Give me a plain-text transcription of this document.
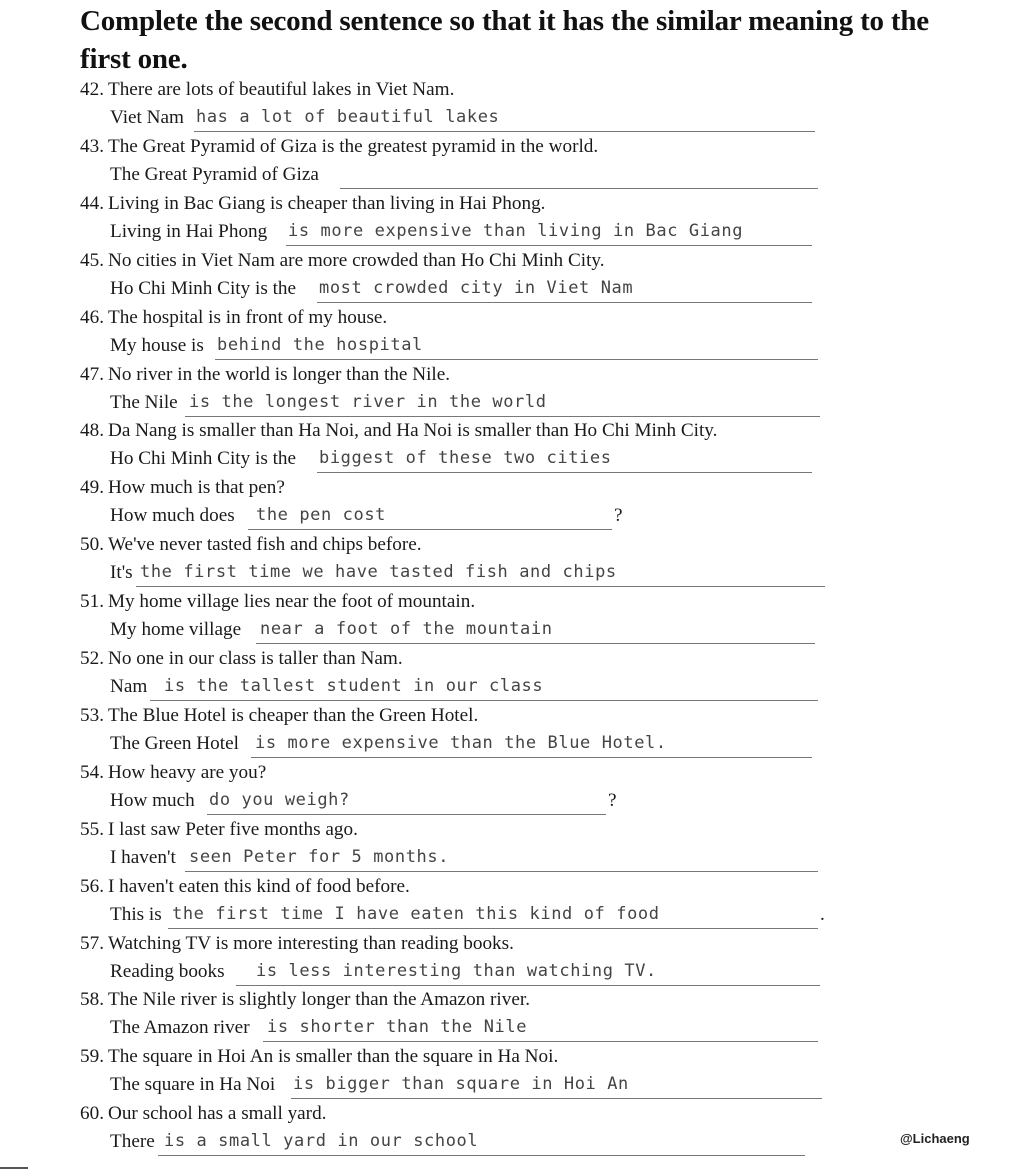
Complete the second sentence so that it has the similar meaning to the
first one.
42. There are lots of beautiful lakes in Viet Nam.
Viet Nam has a lot of beautiful lakes
43. The Great Pyramid of Giza is the greatest pyramid in the world.
The Great Pyramid of Giza
44. Living in Bac Giang is cheaper than living in Hai Phong.
Living in Hai Phong is more expensive than living in Bac Giang
45. No cities in Viet Nam are more crowded than Ho Chi Minh City.
Ho Chi Minh City is the most crowded city in Viet Nam
46. The hospital is in front of my house.
My house is behind the hospital
47. No river in the world is longer than the Nile.
The Nile is the longest river in the world
48. Da Nang is smaller than Ha Noi, and Ha Noi is smaller than Ho Chi Minh City.
Ho Chi Minh City is the biggest of these two cities
49. How much is that pen?
How much does the pen cost	?
50. We've never tasted fish and chips before.
It's the first time we have tasted fish and chips
51. My home village lies near the foot of mountain.
My home village near a foot of the mountain
52. No one in our class is taller than Nam.
Nam is the tallest student in our class
53. The Blue Hotel is cheaper than the Green Hotel.
The Green Hotel is more expensive than the Blue Hotel.
54. How heavy are you?
How much do you weigh?	?
55. I last saw Peter five months ago.
I haven't seen Peter for 5 months.
56. I haven't eaten this kind of food before.
This is the first time I have eaten this kind of food	.
57. Watching TV is more interesting than reading books.
Reading books is less interesting than watching TV.
58. The Nile river is slightly longer than the Amazon river.
The Amazon river is shorter than the Nile
59. The square in Hoi An is smaller than the square in Ha Noi.
The square in Ha Noi is bigger than square in Hoi An
60. Our school has a small yard.
There is a small yard in our school	@Lichaeng
